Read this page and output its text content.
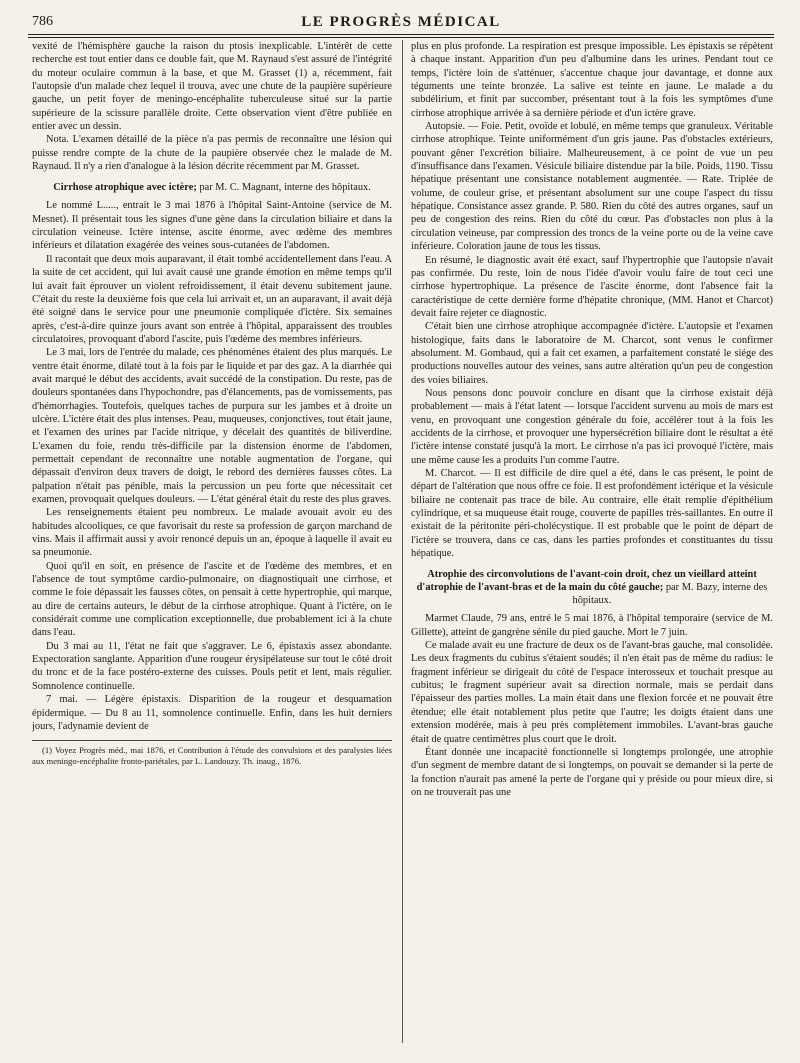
786	LE PROGRÈS MÉDICAL

vexité de l'hémisphère gauche la raison du ptosis inexplicable. L'intérêt de cette recherche est tout entier dans ce double fait, que M. Raynaud s'est assuré de l'intégrité du moteur oculaire commun à la base, et que M. Grasset (1) a, récemment, fait l'autopsie d'un malade chez lequel il trouva, avec une chute de la paupière supérieure gauche, un petit foyer de meningo-encéphalite tuberculeuse situé sur la partie supérieure de la scissure parallèle droite. Cette observation vient d'être publiée en entier avec un dessin.

Nota. L'examen détaillé de la pièce n'a pas permis de reconnaître une lésion qui puisse rendre compte de la chute de la paupière observée chez le malade de M. Raynaud. Il n'y a rien d'analogue à la lésion décrite récemment par M. Grasset.

Cirrhose atrophique avec ictère; par M. C. Magnant, interne des hôpitaux.

Le nommé L....., entrait le 3 mai 1876 à l'hôpital Saint-Antoine (service de M. Mesnet). Il présentait tous les signes d'une gène dans la circulation biliaire et dans la circulation veineuse. Ictère intense, ascite énorme, avec œdème des membres inférieurs et dilatation exagérée des veines sous-cutanées de l'abdomen.

Il racontait que deux mois auparavant, il était tombé accidentellement dans l'eau. A la suite de cet accident, qui lui avait causé une grande émotion en même temps qu'il lui avait fait éprouver un violent refroidissement, il était devenu subitement jaune. C'était du reste la deuxième fois que cela lui arrivait et, un an auparavant, il avait déjà été soigné dans le service pour une pneumonie compliquée d'ictère. Six semaines après, c'est-à-dire quinze jours avant son entrée à l'hôpital, apparaissent des troubles circulatoires, provoquant d'abord l'ascite, puis l'œdème des membres inférieurs.

Le 3 mai, lors de l'entrée du malade, ces phénomènes étaient des plus marqués. Le ventre était énorme, dilaté tout à la fois par le liquide et par des gaz. A la diarrhée qui avait marqué le début des accidents, avait succédé de la constipation. Du reste, pas de douleurs spontanées dans l'hypochondre, pas d'élancements, pas de vomissements, pas d'hémorrhagies. Toutefois, quelques taches de purpura sur les jambes et à droite un ulcère. L'ictère était des plus intenses. Peau, muqueuses, conjonctives, tout était jaune, et l'examen des urines par l'acide nitrique, y décelait des quantités de biliverdine. L'examen du foie, rendu très-difficile par la distension énorme de l'abdomen, permettait cependant de reconnaître une notable augmentation de l'organe, qui dépassait d'environ deux travers de doigt, le rebord des dernières fausses côtes. La palpation n'était pas pénible, mais la percussion un peu forte que nécessitait cet examen, provoquait quelques douleurs. — L'état général était du reste des plus graves.

Les renseignements étaient peu nombreux. Le malade avouait avoir eu des habitudes alcooliques, ce que favorisait du reste sa profession de garçon marchand de vins. Mais il affirmait aussi y avoir renoncé depuis un an, époque à laquelle il avait eu sa pneumonie.

Quoi qu'il en soit, en présence de l'ascite et de l'œdème des membres, et en l'absence de tout symptôme cardio-pulmonaire, on diagnostiquait une cirrhose, et comme le foie dépassait les fausses côtes, on pensait à cette hypertrophie, qui marque, au dire de certains auteurs, le début de la cirrhose atrophique. Quant à l'ictère, on le considérait comme une complication exceptionnelle, due probablement ici à la chute dans l'eau.

Du 3 mai au 11, l'état ne fait que s'aggraver. Le 6, épistaxis assez abondante. Expectoration sanglante. Apparition d'une rougeur érysipélateuse sur tout le côté droit du tronc et de la face postéro-externe des cuisses. Pouls petit et lent, mais régulier. Somnolence continuelle.

7 mai. — Légère épistaxis. Disparition de la rougeur et desquamation épidermique. — Du 8 au 11, somnolence continuelle. Enfin, dans les huit derniers jours, l'adynamie devient de

(1) Voyez Progrès méd., mai 1876, et Contribution à l'étude des convulsions et des paralysies liées aux meningo-encéphalite fronto-pariétales, par L. Landouzy. Th. inaug., 1876.

plus en plus profonde. La respiration est presque impossible. Les épistaxis se répètent à chaque instant. Apparition d'un peu d'albumine dans les urines. Pendant tout ce temps, l'ictère loin de s'atténuer, s'accentue chaque jour davantage, et donne aux téguments une teinte bronzée. La salive est teinte en jaune. Le malade a du subdélirium, et finit par succomber, présentant tout à la fois les symptômes d'une cirrhose atrophique arrivée à sa dernière période et d'un ictère grave.

Autopsie. — Foie. Petit, ovoïde et lobulé, en même temps que granuleux. Véritable cirrhose atrophique. Teinte uniformément d'un gris jaune. Pas d'obstacles extérieurs, pouvant gêner l'excrétion biliaire. Malheureusement, à ce point de vue un peu d'insuffisance dans l'examen. Vésicule biliaire distendue par la bile. Poids, 1190. Tissu hépatique présentant une consistance notablement augmentée. — Rate. Triplée de volume, de couleur grise, et présentant absolument sur une coupe l'aspect du tissu hépatique. Consistance assez grande. P. 580. Rien du côté des autres organes, sauf un peu de congestion des reins. Rien du côté du cœur. Pas d'obstacles non plus à la circulation veineuse, par compression des troncs de la veine porte ou de la veine cave inférieure. Coloration jaune de tous les tissus.

En résumé, le diagnostic avait été exact, sauf l'hypertrophie que l'autopsie n'avait pas confirmée. Du reste, loin de nous l'idée d'avoir voulu faire de tout ceci une cirrhose hypertrophique. La présence de l'ascite énorme, dont l'absence fait la caractéristique de cette dernière forme d'hépatite chronique, (MM. Hanot et Charcot) devait faire rejeter ce diagnostic.

C'était bien une cirrhose atrophique accompagnée d'ictère. L'autopsie et l'examen histologique, faits dans le laboratoire de M. Charcot, sont venus le confirmer absolument. M. Gombaud, qui a fait cet examen, a parfaitement constaté le siége des productions nouvelles autour des veines, sans autre altération qu'un peu de congestion des voies biliaires.

Nous pensons donc pouvoir conclure en disant que la cirrhose existait déjà probablement — mais à l'état latent — lorsque l'accident survenu au mois de mars est venu, en provoquant une congestion générale du foie, accélérer tout à la fois les accidents de la cirrhose, et provoquer une hypersécrétion biliaire dont le résultat a été l'ictère intense constaté jusqu'à la mort. Le cirrhose n'a pas ici provoqué l'ictère, mais une même cause les a produits l'un comme l'autre.

M. Charcot. — Il est difficile de dire quel a été, dans le cas présent, le point de départ de l'altération que nous offre ce foie. Il est profondément ictérique et la vésicule biliaire ne contenait pas trace de bile. Au contraire, elle était remplie d'épithélium cylindrique, et sa muqueuse était rouge, couverte de papilles très-saillantes. En outre il existait de la péritonite péri-cholécystique. Il est probable que le point de départ de l'ictère se trouvera, dans ce cas, dans les parties profondes et constituantes du tissu hépatique.

Atrophie des circonvolutions de l'avant-coin droit, chez un vieillard atteint d'atrophie de l'avant-bras et de la main du côté gauche; par M. Bazy, interne des hôpitaux.

Marmet Claude, 79 ans, entré le 5 mai 1876, à l'hôpital temporaire (service de M. Gillette), atteint de gangrène sénile du pied gauche. Mort le 7 juin.

Ce malade avait eu une fracture de deux os de l'avant-bras gauche, mal consolidée. Les deux fragments du cubitus s'étaient soudés; il n'en était pas de même du radius: le fragment inférieur se dirigeait du côté de l'espace interosseux et touchait presque au cubitus; le fragment supérieur avait sa direction normale, mais se perdait dans l'épaisseur des parties molles. La main était dans une flexion forcée et ne pouvait être étendue; elle était notablement plus petite que l'autre; les doigts étaient dans une extension modérée, mais à peu près complètement immobiles. L'avant-bras gauche était de quatre centimètres plus court que le droit.

Étant donnée une incapacité fonctionnelle si longtemps prolongée, une atrophie d'un segment de membre datant de si longtemps, on pouvait se demander si la perte de la fonction n'aurait pas amené la perte de l'organe qui y préside ou pour mieux dire, si on ne trouverait pas une
